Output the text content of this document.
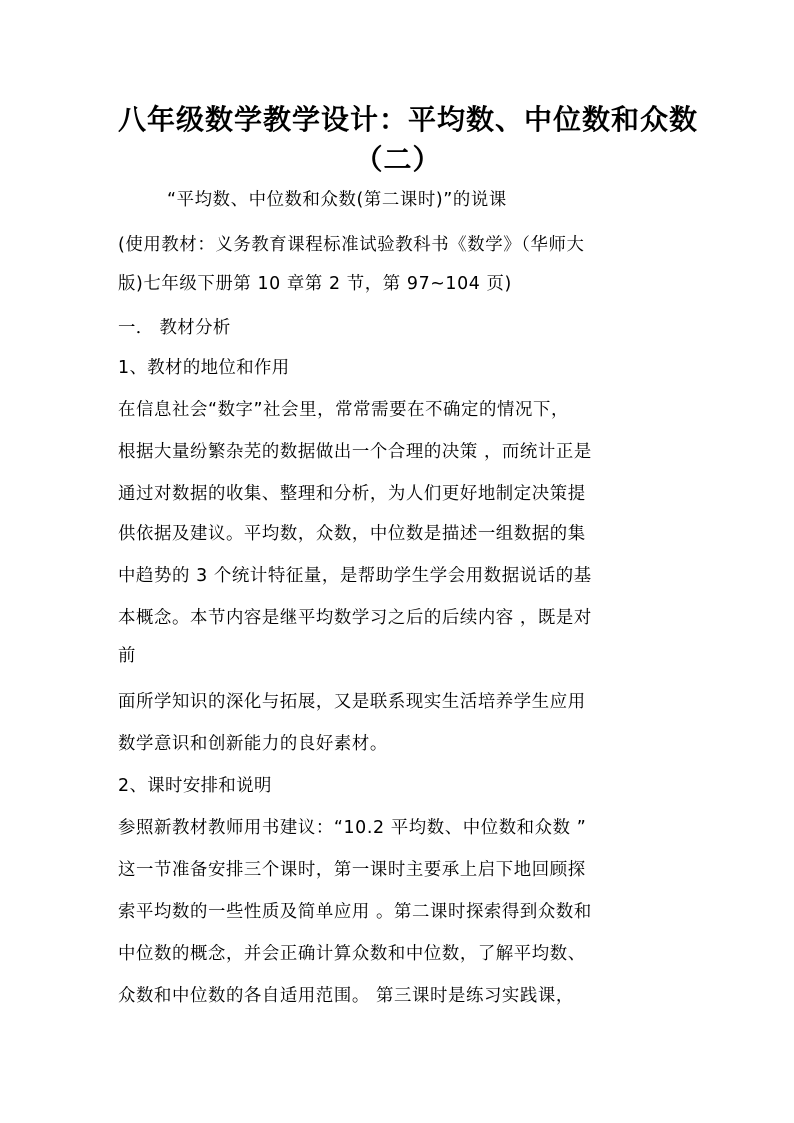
八年级数学教学设计：平均数、中位数和众数
（二）
“平均数、中位数和众数(第二课时)”的说课
(使用教材：义务教育课程标准试验教科书《数学》（华师大
版)七年级下册第 10 章第 2 节，第 97~104 页)
一． 教材分析
1、教材的地位和作用
在信息社会“数字”社会里，常常需要在不确定的情况下，
根据大量纷繁杂芜的数据做出一个合理的决策 ，而统计正是
通过对数据的收集、整理和分析，为人们更好地制定决策提
供依据及建议。平均数，众数，中位数是描述一组数据的集
中趋势的 3 个统计特征量，是帮助学生学会用数据说话的基
本概念。本节内容是继平均数学习之后的后续内容 ，既是对
前
面所学知识的深化与拓展，又是联系现实生活培养学生应用
数学意识和创新能力的良好素材。
2、课时安排和说明
参照新教材教师用书建议：“10.2 平均数、中位数和众数 ”
这一节准备安排三个课时，第一课时主要承上启下地回顾探
索平均数的一些性质及简单应用 。第二课时探索得到众数和
中位数的概念，并会正确计算众数和中位数，了解平均数、
众数和中位数的各自适用范围。 第三课时是练习实践课，
